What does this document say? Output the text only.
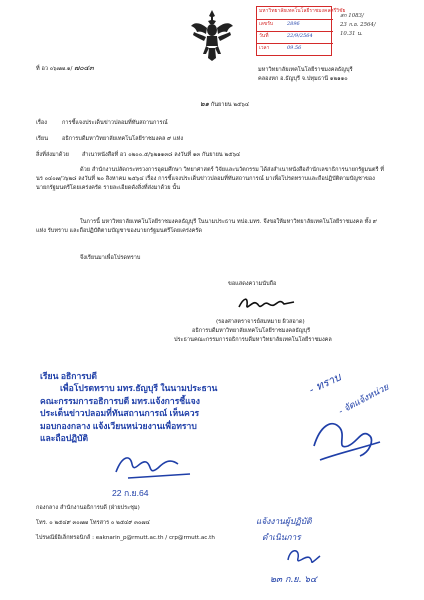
มหาวิทยาลัยเทคโนโลยีราชมงคลศรีวิชัย
เลขรับ	2896
วันที่	22/9/2564
เวลา	09.56
สก 1083/
23 ก.ย. 2564/
10.31 น.
ที่ อว ๐๖๗๗.๑/ ๗๐๔๓	มหาวิทยาลัยเทคโนโลยีราชมงคลธัญบุรี
คลองหก อ.ธัญบุรี จ.ปทุมธานี ๑๒๑๑๐
๒๑ กันยายน ๒๕๖๔
เรื่อง	การชี้แจงประเด็นข่าวปลอมที่ทันสถานการณ์
เรียน อธิการบดีมหาวิทยาลัยเทคโนโลยีราชมงคล ๙ แห่ง
สิ่งที่ส่งมาด้วย สำเนาหนังสือที่ อว ๐๒๐๐.๕/๖๒๑๑๓๘ ลงวันที่ ๑๓ กันยายน ๒๕๖๔
ด้วย สำนักงานปลัดกระทรวงการอุดมศึกษา วิทยาศาสตร์ วิจัยและนวัตกรรม ได้ส่งสำเนาหนังสือสำนักเลขาธิการนายกรัฐมนตรี ที่ นร ๐๔๐๗/ว๖๒๘ ลงวันที่ ๒๐ สิงหาคม ๒๕๖๔ เรื่อง การชี้แจงประเด็นข่าวปลอมที่ทันสถานการณ์ มาเพื่อโปรดทราบและถือปฏิบัติตามบัญชาของนายกรัฐมนตรีโดยเคร่งครัด รายละเอียดดังสิ่งที่ส่งมาด้วย นั้น
ในการนี้ มหาวิทยาลัยเทคโนโลยีราชมงคลธัญบุรี ในนามประธาน ทปอ.มทร. จึงขอให้มหาวิทยาลัยเทคโนโลยีราชมงคล ทั้ง ๙ แห่ง รับทราบ และถือปฏิบัติตามบัญชาของนายกรัฐมนตรีโดยเคร่งครัด
จึงเรียนมาเพื่อโปรดทราบ
ขอแสดงความนับถือ
(รองศาสตราจารย์สมหมาย ผิวสอาด)
อธิการบดีมหาวิทยาลัยเทคโนโลยีราชมงคลธัญบุรี
ประธานคณะกรรมการอธิการบดีมหาวิทยาลัยเทคโนโลยีราชมงคล
เรียน อธิการบดี
เพื่อโปรดทราบ มทร.ธัญบุรี ในนามประธาน
คณะกรรมการอธิการบดี มทร.แจ้งการชี้แจง
ประเด็นข่าวปลอมที่ทันสถานการณ์ เห็นควร
มอบกองกลาง แจ้งเวียนหน่วยงานเพื่อทราบ
และถือปฏิบัติ
22 ก.ย.64
กองกลาง สำนักงานอธิการบดี (ฝ่ายประชุม)
โทร. ๐ ๒๕๔๙ ๓๐๗๗ โทรสาร ๐ ๒๕๔๙ ๓๐๗๔
ไปรษณีย์อิเล็กทรอนิกส์ : eaknarin_p@rmutt.ac.th / crp@rmutt.ac.th
- ทราบ
- จัดแจ้งหน่วย
แจ้งงานผู้ปฏิบัติ
ดำเนินการ
๒๓ ก.ย. ๖๔
